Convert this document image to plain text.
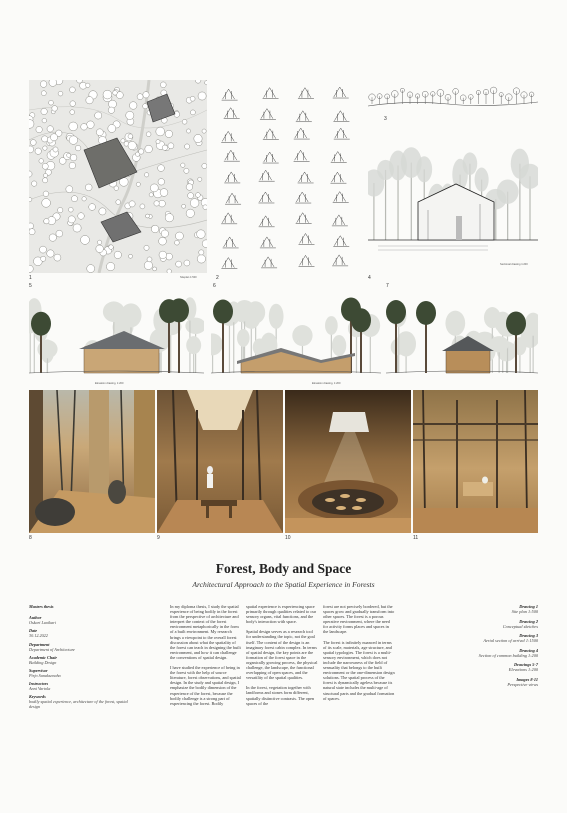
1	Siteplan 1:500	2
3
4
Sectional drawing 1:200
5
Elevation drawing, 1:200
6
Elevation drawing, 1:200
7
8	9	10	11
Forest, Body and Space
Architectural Approach to the Spatial Experience in Forests
Masters thesis
Author
Oskari Luoikari
Date
30.12.2022
Department
Department of Architecture
Academic Chair
Building Design
Supervisor
Pirjo Sanaksenaho
Instructors
Anni Vartola
Keywords
bodily spatial experience, architecture of the forest, spatial design

In my diploma thesis, I study the spatial experience of being bodily in the forest from the perspective of architecture and interpret the context of the forest environment metaphorically in the form of a built environment. My research brings a viewpoint to the overall forest discussion about what the spatiality of the forest can teach in designing the built environment, and how it can challenge the conventions of spatial design.

I have studied the experience of being in the forest with the help of source literature, forest observations, and spatial design. In the study and spatial design, I emphasize the bodily dimension of the experience of the forest, because the bodily challenge is a strong part of experiencing the forest. Bodily

spatial experience is experiencing space primarily through qualities related to our sensory organs, vital functions, and the body's interaction with space.

Spatial design serves as a research tool for understanding the topic, not the goal itself. The content of the design is an imaginary forest cabin complex. In terms of spatial design, the key points are the formation of the forest space in the organically growing process, the physical challenge, the landscape, the functional overlapping of open spaces, and the versatility of the spatial qualities.

In the forest, vegetation together with landforms and stones form different, spatially distinctive contrasts. The open spaces of the

forest are not precisely bordered, but the spaces grow and gradually transform into other spaces. The forest is a porous operative environment, where the need for activity forms places and spaces in the landscape.

The forest is infinitely nuanced in terms of its scale, materials, age structure, and spatial typologies. The forest is a multi-sensory environment, which does not include the narrowness of the field of sensuality that belongs to the built environment or the one-dimension design solutions. The spatial process of the forest is dynamically ageless because its natural state includes the multi-age of structural parts and the gradual formation of spaces.

Drawing 1
Site plan 1:500
Drawing 2
Conceptual sketches
Drawing 3
Aerial section of arrival 1:1500
Drawing 4
Section of common building 1:200
Drawings 5-7
Elevations 1:200
Images 8-11
Perspective views
